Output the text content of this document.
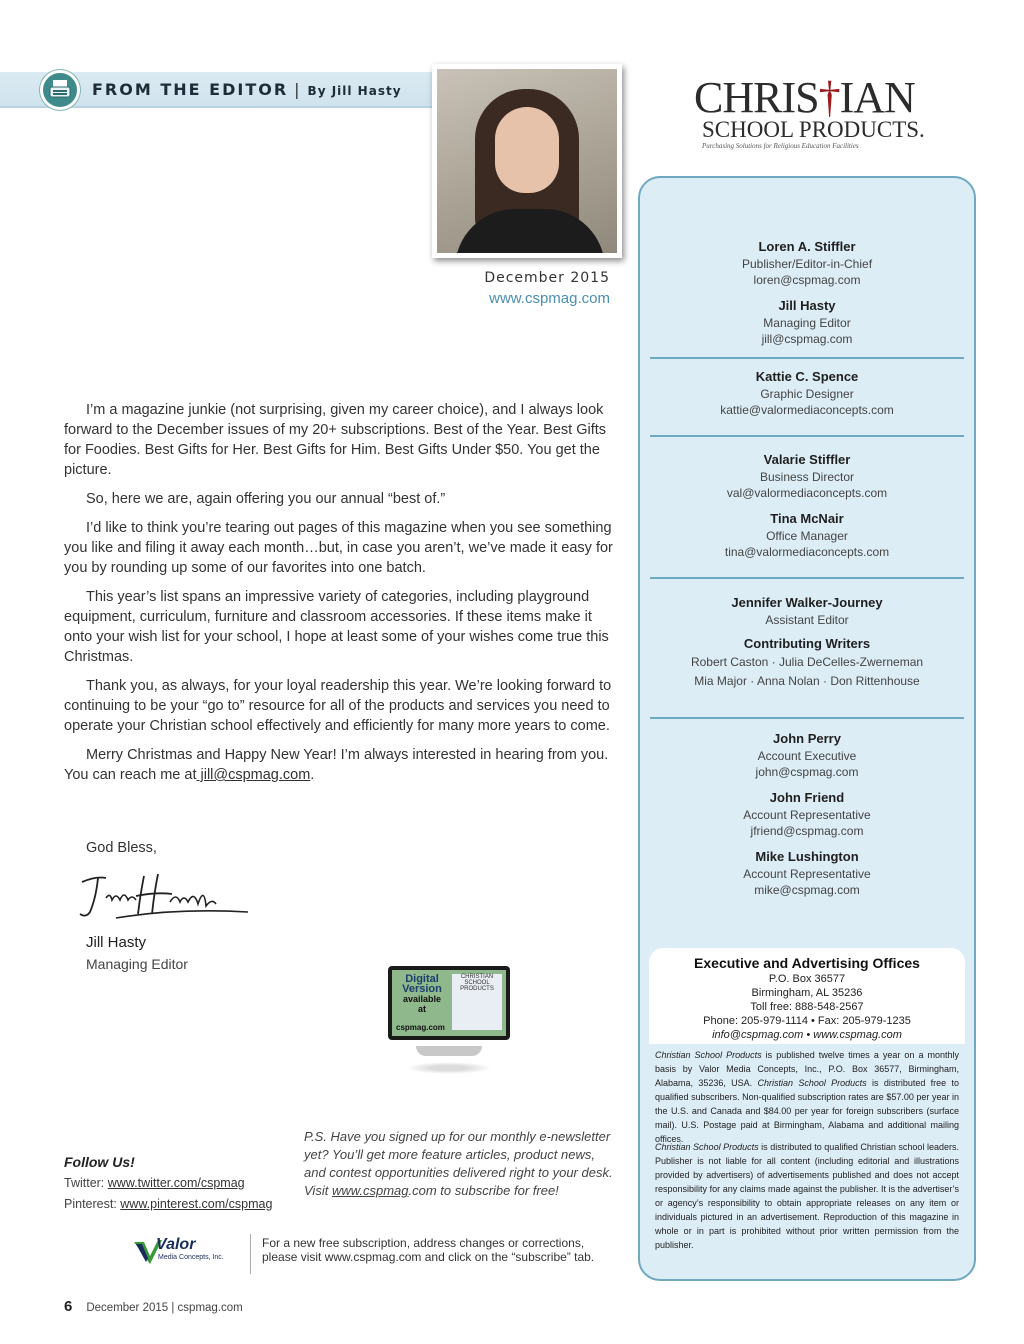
FROM THE EDITOR | By Jill Hasty
December 2015
www.cspmag.com
CHRIS†IAN
SCHOOL PRODUCTS.
Purchasing Solutions for Religious Education Facilities
Loren A. Stiffler
Publisher/Editor-in-Chief
loren@cspmag.com
Jill Hasty
Managing Editor
jill@cspmag.com
Kattie C. Spence
Graphic Designer
kattie@valormediaconcepts.com
Valarie Stiffler
Business Director
val@valormediaconcepts.com
Tina McNair
Office Manager
tina@valormediaconcepts.com
Jennifer Walker-Journey
Assistant Editor
Contributing Writers
Robert Caston · Julia DeCelles-Zwerneman
Mia Major · Anna Nolan · Don Rittenhouse
John Perry
Account Executive
john@cspmag.com
John Friend
Account Representative
jfriend@cspmag.com
Mike Lushington
Account Representative
mike@cspmag.com
Executive and Advertising Offices
P.O. Box 36577
Birmingham, AL 35236
Toll free: 888-548-2567
Phone: 205-979-1114 • Fax: 205-979-1235
info@cspmag.com • www.cspmag.com
Christian School Products is published twelve times a year on a monthly basis by Valor Media Concepts, Inc., P.O. Box 36577, Birmingham, Alabama, 35236, USA. Christian School Products is distributed free to qualified subscribers. Non-qualified subscription rates are $57.00 per year in the U.S. and Canada and $84.00 per year for foreign subscribers (surface mail). U.S. Postage paid at Birmingham, Alabama and additional mailing offices.
Christian School Products is distributed to qualified Christian school leaders. Publisher is not liable for all content (including editorial and illustrations provided by advertisers) of advertisements published and does not accept responsibility for any claims made against the publisher. It is the advertiser’s or agency’s responsibility to obtain appropriate releases on any item or individuals pictured in an advertisement. Reproduction of this magazine in whole or in part is prohibited without prior written permission from the publisher.

I’m a magazine junkie (not surprising, given my career choice), and I always look forward to the December issues of my 20+ subscriptions. Best of the Year. Best Gifts for Foodies. Best Gifts for Her. Best Gifts for Him. Best Gifts Under $50. You get the picture.

So, here we are, again offering you our annual “best of.”

I’d like to think you’re tearing out pages of this magazine when you see something you like and filing it away each month…but, in case you aren’t, we’ve made it easy for you by rounding up some of our favorites into one batch.

This year’s list spans an impressive variety of categories, including playground equipment, curriculum, furniture and classroom accessories. If these items make it onto your wish list for your school, I hope at least some of your wishes come true this Christmas.

Thank you, as always, for your loyal readership this year. We’re looking forward to continuing to be your “go to” resource for all of the products and services you need to operate your Christian school effectively and efficiently for many more years to come.

Merry Christmas and Happy New Year! I’m always interested in hearing from you. You can reach me at jill@cspmag.com.

God Bless,
Jill Hasty
Managing Editor
Digital
Version
available
at
cspmag.com
CHRISTIAN SCHOOL PRODUCTS
Follow Us!
Twitter: www.twitter.com/cspmag
Pinterest: www.pinterest.com/cspmag
P.S. Have you signed up for our monthly e-newsletter yet? You’ll get more feature articles, product news, and contest opportunities delivered right to your desk. Visit www.cspmag.com to subscribe for free!
Valor
Media Concepts, Inc.
For a new free subscription, address changes or corrections, please visit www.cspmag.com and click on the “subscribe” tab.
6 December 2015 | cspmag.com
